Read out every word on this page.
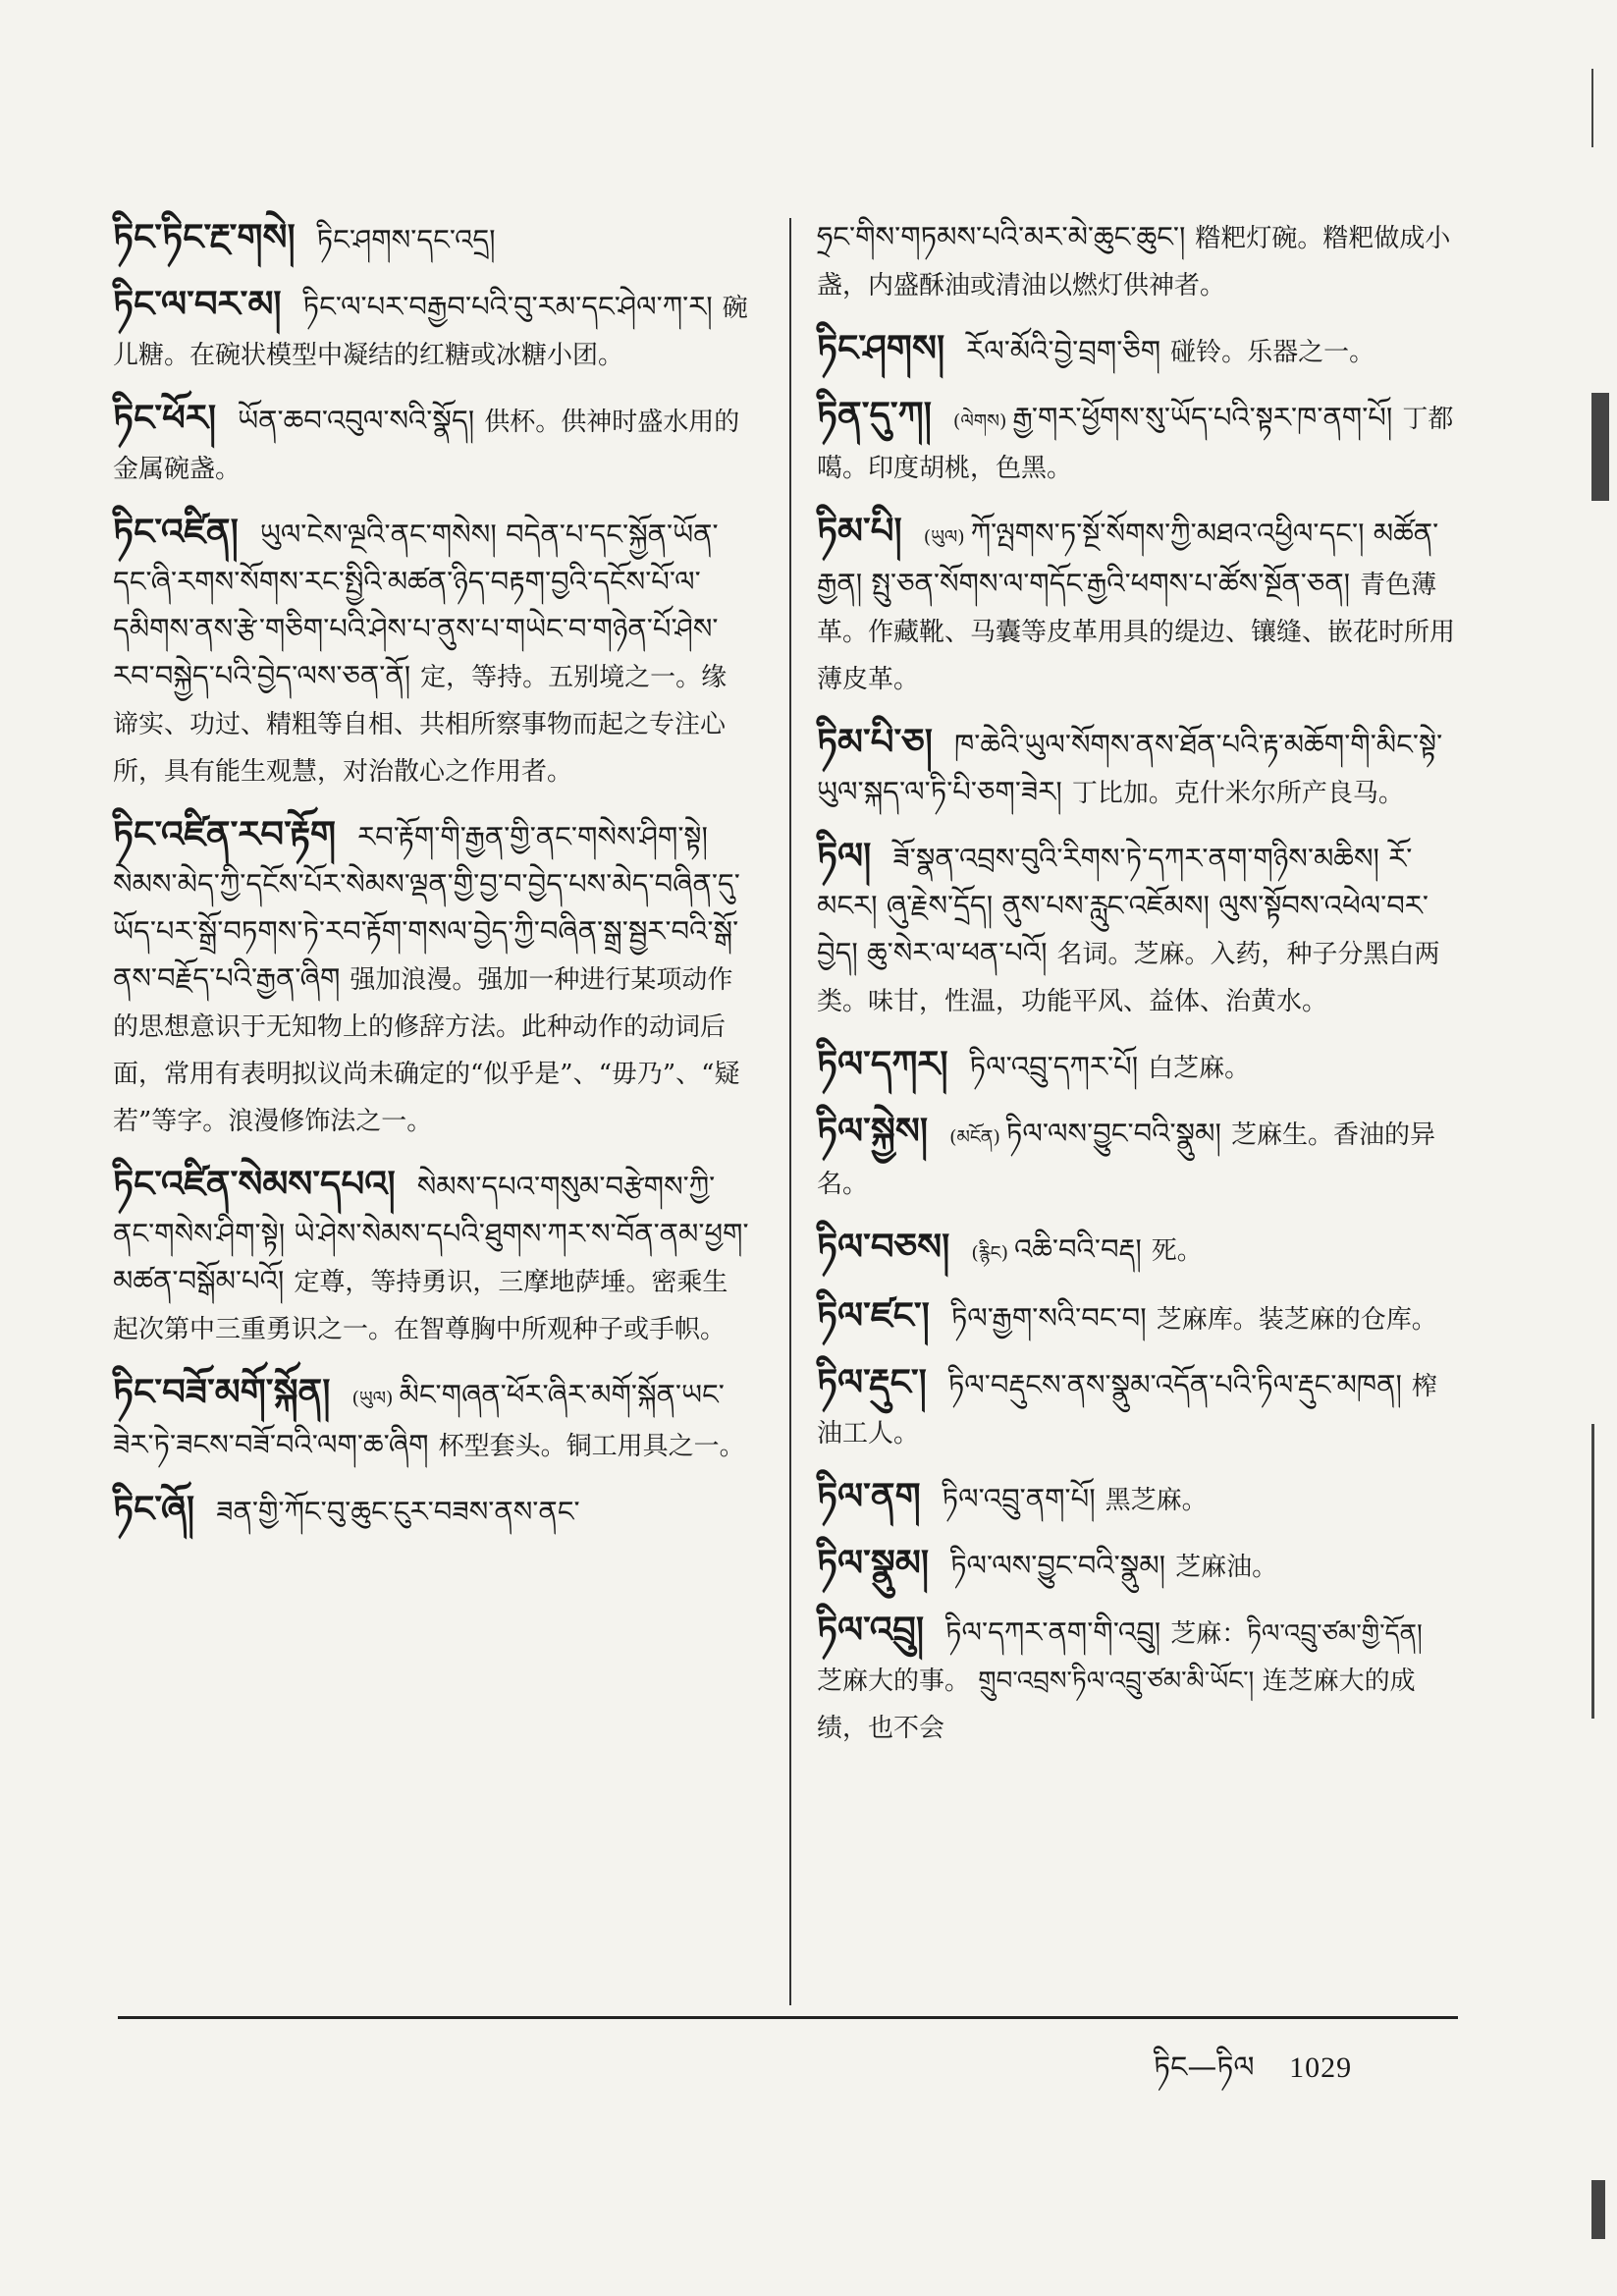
ཏིང་ཏིང་རྔ་གསེ། ཏིང་ཤགས་དང་འདྲ།
ཏིང་ལ་བར་མ། ཏིང་ལ་པར་བརྒྱབ་པའི་བུ་རམ་དང་ཤེལ་ཀ་ར། 碗儿糖。在碗状模型中凝结的红糖或冰糖小团。
ཏིང་ཕོར། ཡོན་ཆབ་འབུལ་སའི་སྣོད། 供杯。供神时盛水用的金属碗盏。
ཏིང་འཛིན། ཡུལ་ངེས་ལྔའི་ནང་གསེས། བདེན་པ་དང་སྐྱོན་ཡོན་དང་ཞི་རགས་སོགས་རང་སྤྱིའི་མཚན་ཉིད་བརྟག་བྱའི་དངོས་པོ་ལ་དམིགས་ནས་རྩེ་གཅིག་པའི་ཤེས་པ་ནུས་པ་གཡེང་བ་གཉེན་པོ་ཤེས་རབ་བསྐྱེད་པའི་བྱེད་ལས་ཅན་ནོ། 定，等持。五别境之一。缘谛实、功过、精粗等自相、共相所察事物而起之专注心所，具有能生观慧，对治散心之作用者。
ཏིང་འཛིན་རབ་རྟོག རབ་རྟོག་གི་རྒྱན་གྱི་ནང་གསེས་ཤིག་སྟེ། སེམས་མེད་ཀྱི་དངོས་པོར་སེམས་ལྡན་གྱི་བྱ་བ་བྱེད་པས་མེད་བཞིན་དུ་ཡོད་པར་སྒྲོ་བཏགས་ཏེ་རབ་རྟོག་གསལ་བྱེད་ཀྱི་བཞིན་སྒྲ་སྦྱར་བའི་སྒོ་ནས་བརྗོད་པའི་རྒྱན་ཞིག 强加浪漫。强加一种进行某项动作的思想意识于无知物上的修辞方法。此种动作的动词后面，常用有表明拟议尚未确定的“似乎是”、“毋乃”、“疑若”等字。浪漫修饰法之一。
ཏིང་འཛིན་སེམས་དཔའ། སེམས་དཔའ་གསུམ་བརྩེགས་ཀྱི་ནང་གསེས་ཤིག་སྟེ། ཡེ་ཤེས་སེམས་དཔའི་ཐུགས་ཀར་ས་བོན་ནམ་ཕྱག་མཚན་བསྒོམ་པའོ། 定尊，等持勇识，三摩地萨埵。密乘生起次第中三重勇识之一。在智尊胸中所观种子或手帜。
ཏིང་བཟོ་མགོ་སྐོན། (ཡུལ) མིང་གཞན་ཕོར་ཞིར་མགོ་སྐོན་ཡང་ཟེར་ཏེ་ཟངས་བཟོ་བའི་ལག་ཆ་ཞིག 杯型套头。铜工用具之一。
ཏིང་ཞོ། ཟན་གྱི་ཀོང་བུ་ཆུང་ངུར་བཟས་ནས་ནང་
ཧྲང་གིས་གཏམས་པའི་མར་མེ་ཆུང་ཆུང་། 糌粑灯碗。糌粑做成小盏，内盛酥油或清油以燃灯供神者。
ཏིང་ཤགས། རོལ་མོའི་བྱེ་བྲག་ཅིག 碰铃。乐器之一。
ཏིན་དུ་ཀ། (ལེགས) རྒྱ་གར་ཕྱོགས་སུ་ཡོད་པའི་སྟར་ཁ་ནག་པོ། 丁都噶。印度胡桃，色黑。
ཏིམ་པི། (ཡུལ) ཀོ་ལྤགས་ཏ་སྔོ་སོགས་ཀྱི་མཐའ་འཕྱིལ་དང་། མཚོན་རྒྱན། སྤུ་ཅན་སོགས་ལ་གདོང་རྒྱའི་ཕགས་པ་ཚོས་སྔོན་ཅན། 青色薄革。作藏靴、马囊等皮革用具的缇边、镶缝、嵌花时所用薄皮革。
ཏིམ་པི་ཅ། ཁ་ཆེའི་ཡུལ་སོགས་ནས་ཐོན་པའི་རྟ་མཆོག་གི་མིང་སྟེ་ཡུལ་སྐད་ལ་ཏི་པི་ཅག་ཟེར། 丁比加。克什米尔所产良马。
ཏིལ། ཟོ་སྣན་འབྲས་བུའི་རིགས་ཏེ་དཀར་ནག་གཉིས་མཆིས། རོ་མངར། ཞུ་རྗེས་དྲོད། ནུས་པས་རླུང་འཇོམས། ལུས་སྟོབས་འཕེལ་བར་བྱེད། ཆུ་སེར་ལ་ཕན་པའོ། 名词。芝麻。入药，种子分黑白两类。味甘，性温，功能平风、益体、治黄水。
ཏིལ་དཀར། ཏིལ་འབྲུ་དཀར་པོ། 白芝麻。
ཏིལ་སྐྱེས། (མངོན) ཏིལ་ལས་བྱུང་བའི་སྣུམ། 芝麻生。香油的异名。
ཏིལ་བཅས། (རྙིང) འཆི་བའི་བརྡ། 死。
ཏིལ་ཛང་། ཏིལ་རྒྱག་སའི་བང་བ། 芝麻库。装芝麻的仓库。
ཏིལ་རྡུང་། ཏིལ་བརྡུངས་ནས་སྣུམ་འདོན་པའི་ཏིལ་རྡུང་མཁན། 榨油工人。
ཏིལ་ནག ཏིལ་འབྲུ་ནག་པོ། 黑芝麻。
ཏིལ་སྣུམ། ཏིལ་ལས་བྱུང་བའི་སྣུམ། 芝麻油。
ཏིལ་འབྲུ། ཏིལ་དཀར་ནག་གི་འབྲུ། 芝麻：ཏིལ་འབྲུ་ཙམ་གྱི་དོན། 芝麻大的事。 གྲུབ་འབྲས་ཏིལ་འབྲུ་ཙམ་མི་ཡོང་། 连芝麻大的成绩，也不会
ཏིང—ཏིལ 1029
